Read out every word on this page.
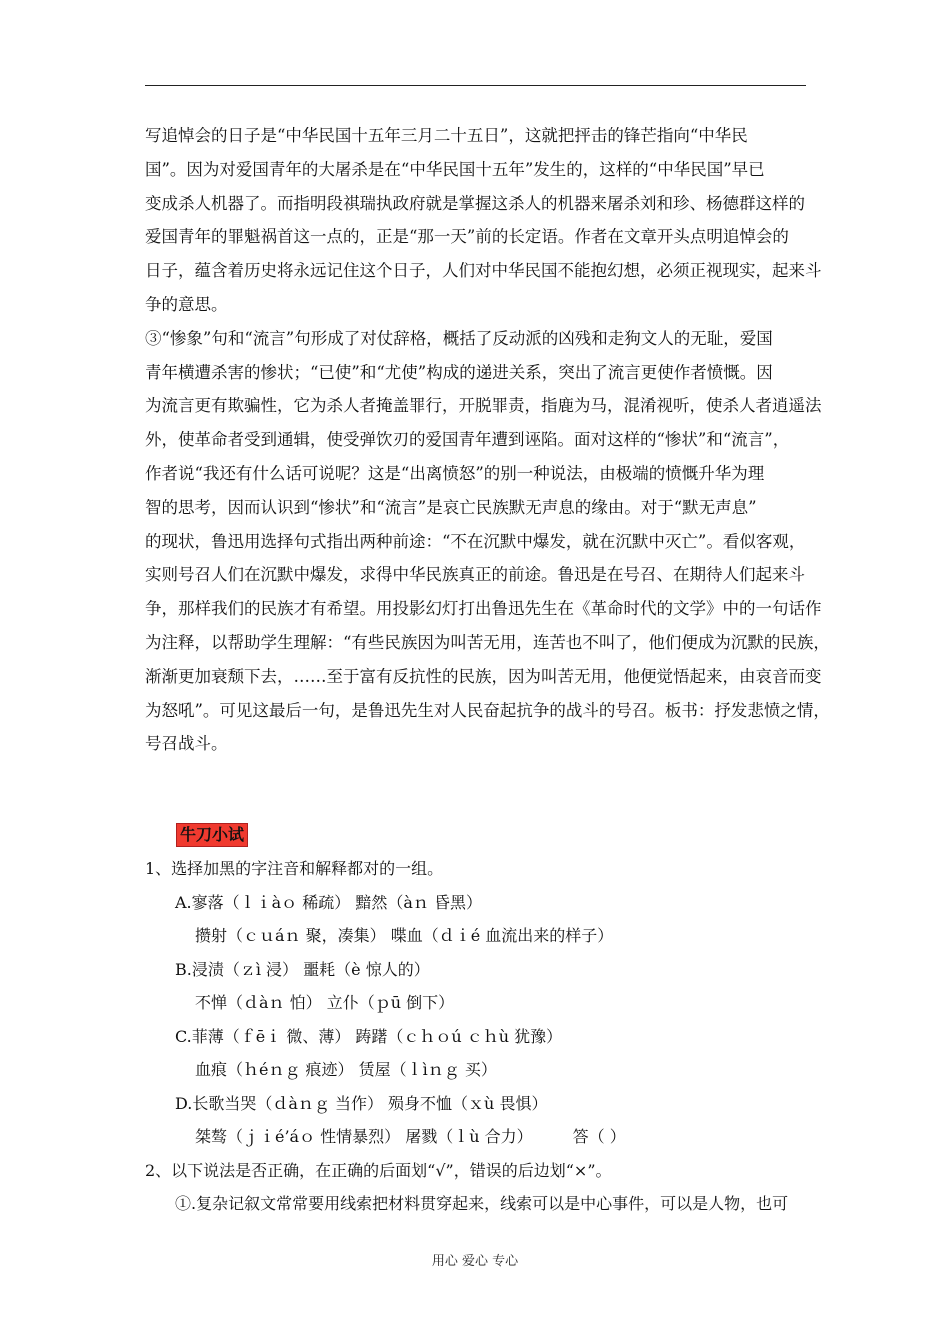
写追悼会的日子是“中华民国十五年三月二十五日”，这就把抨击的锋芒指向“中华民
国”。因为对爱国青年的大屠杀是在“中华民国十五年”发生的，这样的“中华民国”早已
变成杀人机器了。而指明段祺瑞执政府就是掌握这杀人的机器来屠杀刘和珍、杨德群这样的
爱国青年的罪魁祸首这一点的，正是“那一天”前的长定语。作者在文章开头点明追悼会的
日子，蕴含着历史将永远记住这个日子，人们对中华民国不能抱幻想，必须正视现实，起来斗
争的意思。
③“惨象”句和“流言”句形成了对仗辞格，概括了反动派的凶残和走狗文人的无耻，爱国
青年横遭杀害的惨状；“已使”和“尤使”构成的递进关系，突出了流言更使作者愤慨。因
为流言更有欺骗性，它为杀人者掩盖罪行，开脱罪责，指鹿为马，混淆视听，使杀人者逍遥法
外，使革命者受到通辑，使受弹饮刃的爱国青年遭到诬陷。面对这样的“惨状”和“流言”，
作者说“我还有什么话可说呢？这是“出离愤怒”的别一种说法，由极端的愤慨升华为理
智的思考，因而认识到“惨状”和“流言”是哀亡民族默无声息的缘由。对于“默无声息”
的现状，鲁迅用选择句式指出两种前途：“不在沉默中爆发，就在沉默中灭亡”。看似客观，
实则号召人们在沉默中爆发，求得中华民族真正的前途。鲁迅是在号召、在期待人们起来斗
争，那样我们的民族才有希望。用投影幻灯打出鲁迅先生在《革命时代的文学》中的一句话作
为注释，以帮助学生理解：“有些民族因为叫苦无用，连苦也不叫了，他们便成为沉默的民族，
渐渐更加衰颓下去，……至于富有反抗性的民族，因为叫苦无用，他便觉悟起来，由哀音而变
为怒吼”。可见这最后一句，是鲁迅先生对人民奋起抗争的战斗的号召。板书：抒发悲愤之情，
号召战斗。
牛刀小试
1、选择加黑的字注音和解释都对的一组。
A.寥落（ｌｉàｏ 稀疏） 黯然（àｎ 昏黑）
攒射（ｃｕáｎ 聚，凑集） 喋血（ｄｉé 血流出来的样子）
B.浸渍（ｚì 浸） 噩耗（è 惊人的）
不惮（ｄàｎ 怕） 立仆（ｐū 倒下）
C.菲薄（ｆēｉ 微、薄） 踌躇（ｃｈｏú ｃｈù 犹豫）
血痕（ｈéｎｇ 痕迹） 赁屋（ｌìｎｇ 买）
D.长歌当哭（ｄàｎｇ 当作） 殒身不恤（ｘù 畏惧）
桀骜（ｊｉé’áｏ 性情暴烈） 屠戮（ｌù 合力）　　　答（ ）
2、以下说法是否正确，在正确的后面划“√”，错误的后边划“×”。
①.复杂记叙文常常要用线索把材料贯穿起来，线索可以是中心事件，可以是人物，也可
用心 爱心 专心
